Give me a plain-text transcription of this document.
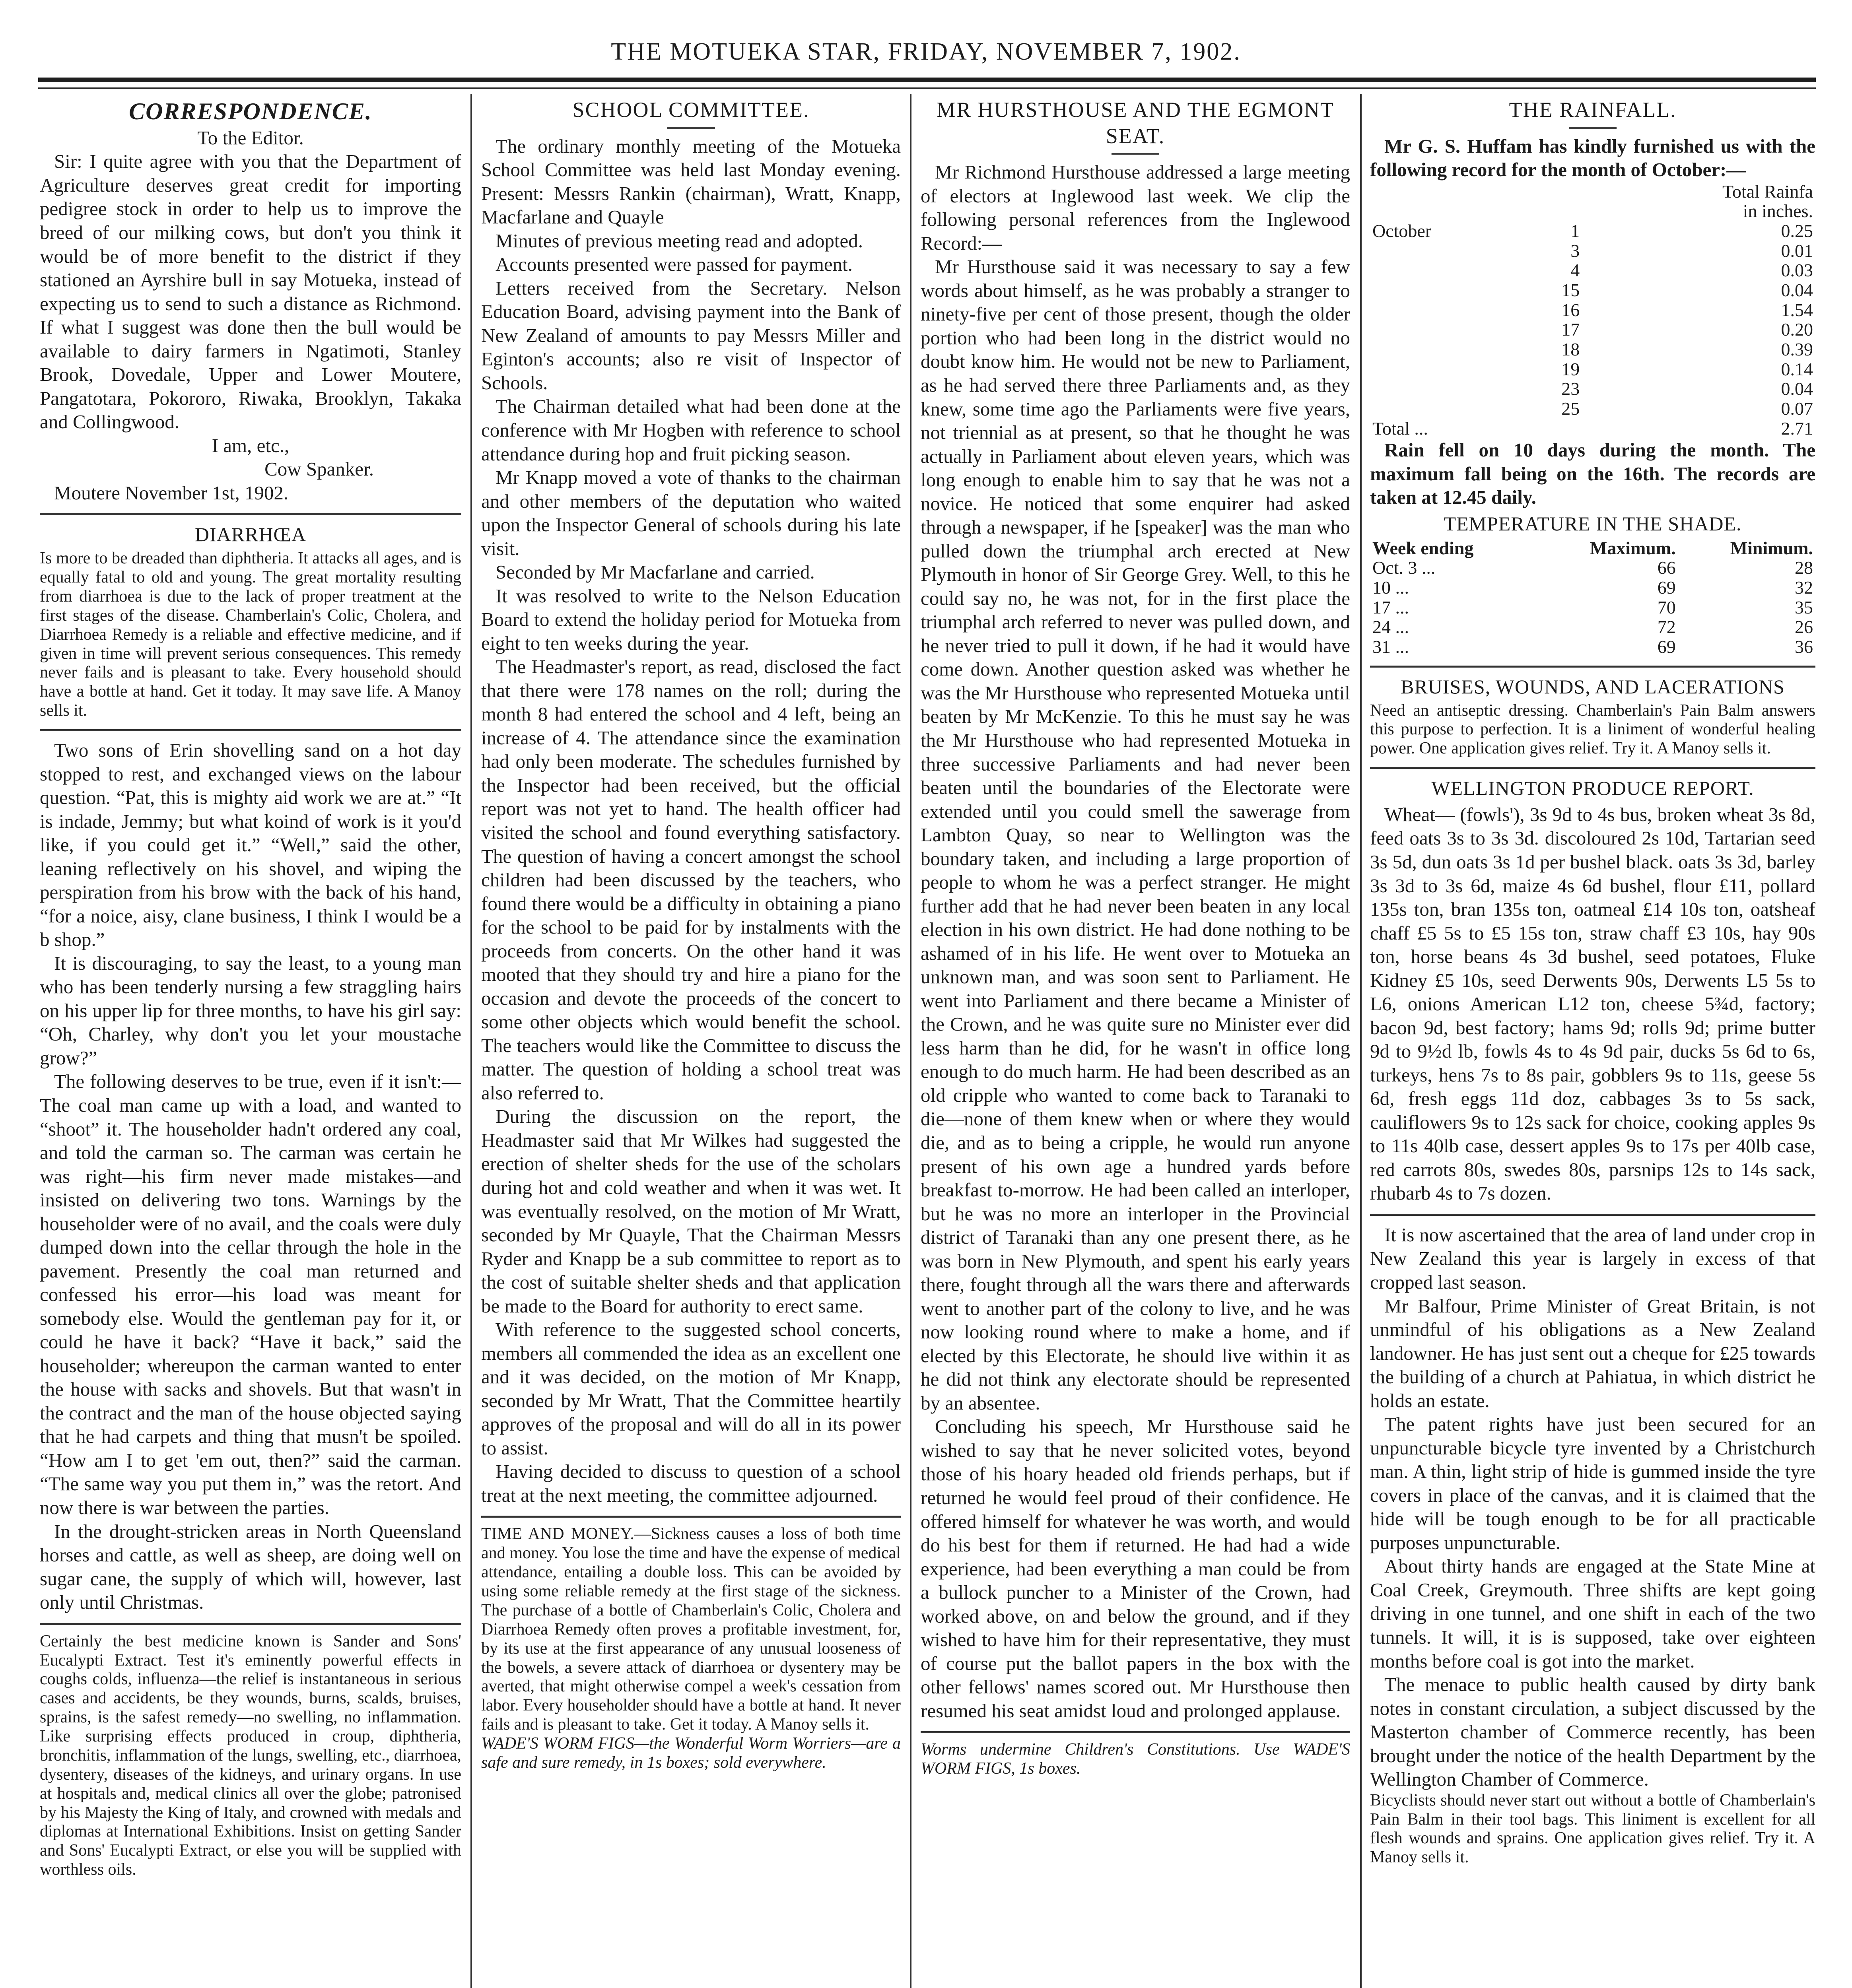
THE MOTUEKA STAR, FRIDAY, NOVEMBER 7, 1902.
CORRESPONDENCE.

To the Editor.

Sir: I quite agree with you that the Department of Agriculture deserves great credit for importing pedigree stock in order to help us to improve the breed of our milking cows, but don't you think it would be of more benefit to the district if they stationed an Ayrshire bull in say Motueka, instead of expecting us to send to such a distance as Richmond. If what I suggest was done then the bull would be available to dairy farmers in Ngatimoti, Stanley Brook, Dovedale, Upper and Lower Moutere, Pangatotara, Pokororo, Riwaka, Brooklyn, Takaka and Collingwood.

I am, etc.,

Cow Spanker.

Moutere November 1st, 1902.

DIARRHŒA

Is more to be dreaded than diphtheria. It attacks all ages, and is equally fatal to old and young. The great mortality resulting from diarrhoea is due to the lack of proper treatment at the first stages of the disease. Chamberlain's Colic, Cholera, and Diarrhoea Remedy is a reliable and effective medicine, and if given in time will prevent serious consequences. This remedy never fails and is pleasant to take. Every household should have a bottle at hand. Get it today. It may save life. A Manoy sells it.

Two sons of Erin shovelling sand on a hot day stopped to rest, and exchanged views on the labour question. “Pat, this is mighty aid work we are at.” “It is indade, Jemmy; but what koind of work is it you'd like, if you could get it.” “Well,” said the other, leaning reflectively on his shovel, and wiping the perspiration from his brow with the back of his hand, “for a noice, aisy, clane business, I think I would be a b shop.”

It is discouraging, to say the least, to a young man who has been tenderly nursing a few straggling hairs on his upper lip for three months, to have his girl say: “Oh, Charley, why don't you let your moustache grow?”

The following deserves to be true, even if it isn't:—The coal man came up with a load, and wanted to “shoot” it. The householder hadn't ordered any coal, and told the carman so. The carman was certain he was right—his firm never made mistakes—and insisted on delivering two tons. Warnings by the householder were of no avail, and the coals were duly dumped down into the cellar through the hole in the pavement. Presently the coal man returned and confessed his error—his load was meant for somebody else. Would the gentleman pay for it, or could he have it back? “Have it back,” said the householder; whereupon the carman wanted to enter the house with sacks and shovels. But that wasn't in the contract and the man of the house objected saying that he had carpets and thing that musn't be spoiled. “How am I to get 'em out, then?” said the carman. “The same way you put them in,” was the retort. And now there is war between the parties.

In the drought-stricken areas in North Queensland horses and cattle, as well as sheep, are doing well on sugar cane, the supply of which will, however, last only until Christmas.

Certainly the best medicine known is Sander and Sons' Eucalypti Extract. Test it's eminently powerful effects in coughs colds, influenza—the relief is instantaneous in serious cases and accidents, be they wounds, burns, scalds, bruises, sprains, is the safest remedy—no swelling, no inflammation. Like surprising effects produced in croup, diphtheria, bronchitis, inflammation of the lungs, swelling, etc., diarrhoea, dysentery, diseases of the kidneys, and urinary organs. In use at hospitals and, medical clinics all over the globe; patronised by his Majesty the King of Italy, and crowned with medals and diplomas at International Exhibitions. Insist on getting Sander and Sons' Eucalypti Extract, or else you will be supplied with worthless oils.

SCHOOL COMMITTEE.

The ordinary monthly meeting of the Motueka School Committee was held last Monday evening. Present: Messrs Rankin (chairman), Wratt, Knapp, Macfarlane and Quayle

Minutes of previous meeting read and adopted.

Accounts presented were passed for payment.

Letters received from the Secretary. Nelson Education Board, advising payment into the Bank of New Zealand of amounts to pay Messrs Miller and Eginton's accounts; also re visit of Inspector of Schools.

The Chairman detailed what had been done at the conference with Mr Hogben with reference to school attendance during hop and fruit picking season.

Mr Knapp moved a vote of thanks to the chairman and other members of the deputation who waited upon the Inspector General of schools during his late visit.

Seconded by Mr Macfarlane and carried.

It was resolved to write to the Nelson Education Board to extend the holiday period for Motueka from eight to ten weeks during the year.

The Headmaster's report, as read, disclosed the fact that there were 178 names on the roll; during the month 8 had entered the school and 4 left, being an increase of 4. The attendance since the examination had only been moderate. The schedules furnished by the Inspector had been received, but the official report was not yet to hand. The health officer had visited the school and found everything satisfactory. The question of having a concert amongst the school children had been discussed by the teachers, who found there would be a difficulty in obtaining a piano for the school to be paid for by instalments with the proceeds from concerts. On the other hand it was mooted that they should try and hire a piano for the occasion and devote the proceeds of the concert to some other objects which would benefit the school. The teachers would like the Committee to discuss the matter. The question of holding a school treat was also referred to.

During the discussion on the report, the Headmaster said that Mr Wilkes had suggested the erection of shelter sheds for the use of the scholars during hot and cold weather and when it was wet. It was eventually resolved, on the motion of Mr Wratt, seconded by Mr Quayle, That the Chairman Messrs Ryder and Knapp be a sub committee to report as to the cost of suitable shelter sheds and that application be made to the Board for authority to erect same.

With reference to the suggested school concerts, members all commended the idea as an excellent one and it was decided, on the motion of Mr Knapp, seconded by Mr Wratt, That the Committee heartily approves of the proposal and will do all in its power to assist.

Having decided to discuss to question of a school treat at the next meeting, the committee adjourned.

TIME AND MONEY.—Sickness causes a loss of both time and money. You lose the time and have the expense of medical attendance, entailing a double loss. This can be avoided by using some reliable remedy at the first stage of the sickness. The purchase of a bottle of Chamberlain's Colic, Cholera and Diarrhoea Remedy often proves a profitable investment, for, by its use at the first appearance of any unusual looseness of the bowels, a severe attack of diarrhoea or dysentery may be averted, that might otherwise compel a week's cessation from labor. Every householder should have a bottle at hand. It never fails and is pleasant to take. Get it today. A Manoy sells it.

WADE'S WORM FIGS—the Wonderful Worm Worriers—are a safe and sure remedy, in 1s boxes; sold everywhere.

MR HURSTHOUSE AND THE EGMONT SEAT.

Mr Richmond Hursthouse addressed a large meeting of electors at Inglewood last week. We clip the following personal references from the Inglewood Record:—

Mr Hursthouse said it was necessary to say a few words about himself, as he was probably a stranger to ninety-five per cent of those present, though the older portion who had been long in the district would no doubt know him. He would not be new to Parliament, as he had served there three Parliaments and, as they knew, some time ago the Parliaments were five years, not triennial as at present, so that he thought he was actually in Parliament about eleven years, which was long enough to enable him to say that he was not a novice. He noticed that some enquirer had asked through a newspaper, if he [speaker] was the man who pulled down the triumphal arch erected at New Plymouth in honor of Sir George Grey. Well, to this he could say no, he was not, for in the first place the triumphal arch referred to never was pulled down, and he never tried to pull it down, if he had it would have come down. Another question asked was whether he was the Mr Hursthouse who represented Motueka until beaten by Mr McKenzie. To this he must say he was the Mr Hursthouse who had represented Motueka in three successive Parliaments and had never been beaten until the boundaries of the Electorate were extended until you could smell the sawerage from Lambton Quay, so near to Wellington was the boundary taken, and including a large proportion of people to whom he was a perfect stranger. He might further add that he had never been beaten in any local election in his own district. He had done nothing to be ashamed of in his life. He went over to Motueka an unknown man, and was soon sent to Parliament. He went into Parliament and there became a Minister of the Crown, and he was quite sure no Minister ever did less harm than he did, for he wasn't in office long enough to do much harm. He had been described as an old cripple who wanted to come back to Taranaki to die—none of them knew when or where they would die, and as to being a cripple, he would run anyone present of his own age a hundred yards before breakfast to-morrow. He had been called an interloper, but he was no more an interloper in the Provincial district of Taranaki than any one present there, as he was born in New Plymouth, and spent his early years there, fought through all the wars there and afterwards went to another part of the colony to live, and he was now looking round where to make a home, and if elected by this Electorate, he should live within it as he did not think any electorate should be represented by an absentee.

Concluding his speech, Mr Hursthouse said he wished to say that he never solicited votes, beyond those of his hoary headed old friends perhaps, but if returned he would feel proud of their confidence. He offered himself for whatever he was worth, and would do his best for them if returned. He had had a wide experience, had been everything a man could be from a bullock puncher to a Minister of the Crown, had worked above, on and below the ground, and if they wished to have him for their representative, they must of course put the ballot papers in the box with the other fellows' names scored out. Mr Hursthouse then resumed his seat amidst loud and prolonged applause.

Worms undermine Children's Constitutions. Use WADE'S WORM FIGS, 1s boxes.

THE RAINFALL.

Mr G. S. Huffam has kindly furnished us with the following record for the month of October:—

		Total Rainfa
		in inches.
October	1	0.25
	3	0.01
	4	0.03
	15	0.04
	16	1.54
	17	0.20
	18	0.39
	19	0.14
	23	0.04
	25	0.07
Total ...		2.71

Rain fell on 10 days during the month. The maximum fall being on the 16th. The records are taken at 12.45 daily.

TEMPERATURE IN THE SHADE.
Week ending	Maximum.	Minimum.
Oct. 3 ...	66	28
10 ...	69	32
17 ...	70	35
24 ...	72	26
31 ...	69	36
BRUISES, WOUNDS, AND LACERATIONS

Need an antiseptic dressing. Chamberlain's Pain Balm answers this purpose to perfection. It is a liniment of wonderful healing power. One application gives relief. Try it. A Manoy sells it.

WELLINGTON PRODUCE REPORT.

Wheat— (fowls'), 3s 9d to 4s bus, broken wheat 3s 8d, feed oats 3s to 3s 3d. discoloured 2s 10d, Tartarian seed 3s 5d, dun oats 3s 1d per bushel black. oats 3s 3d, barley 3s 3d to 3s 6d, maize 4s 6d bushel, flour £11, pollard 135s ton, bran 135s ton, oatmeal £14 10s ton, oatsheaf chaff £5 5s to £5 15s ton, straw chaff £3 10s, hay 90s ton, horse beans 4s 3d bushel, seed potatoes, Fluke Kidney £5 10s, seed Derwents 90s, Derwents L5 5s to L6, onions American L12 ton, cheese 5¾d, factory; bacon 9d, best factory; hams 9d; rolls 9d; prime butter 9d to 9½d lb, fowls 4s to 4s 9d pair, ducks 5s 6d to 6s, turkeys, hens 7s to 8s pair, gobblers 9s to 11s, geese 5s 6d, fresh eggs 11d doz, cabbages 3s to 5s sack, cauliflowers 9s to 12s sack for choice, cooking apples 9s to 11s 40lb case, dessert apples 9s to 17s per 40lb case, red carrots 80s, swedes 80s, parsnips 12s to 14s sack, rhubarb 4s to 7s dozen.

It is now ascertained that the area of land under crop in New Zealand this year is largely in excess of that cropped last season.

Mr Balfour, Prime Minister of Great Britain, is not unmindful of his obligations as a New Zealand landowner. He has just sent out a cheque for £25 towards the building of a church at Pahiatua, in which district he holds an estate.

The patent rights have just been secured for an unpuncturable bicycle tyre invented by a Christchurch man. A thin, light strip of hide is gummed inside the tyre covers in place of the canvas, and it is claimed that the hide will be tough enough to be for all practicable purposes unpuncturable.

About thirty hands are engaged at the State Mine at Coal Creek, Greymouth. Three shifts are kept going driving in one tunnel, and one shift in each of the two tunnels. It will, it is is supposed, take over eighteen months before coal is got into the market.

The menace to public health caused by dirty bank notes in constant circulation, a subject discussed by the Masterton chamber of Commerce recently, has been brought under the notice of the health Department by the Wellington Chamber of Commerce.

Bicyclists should never start out without a bottle of Chamberlain's Pain Balm in their tool bags. This liniment is excellent for all flesh wounds and sprains. One application gives relief. Try it. A Manoy sells it.
